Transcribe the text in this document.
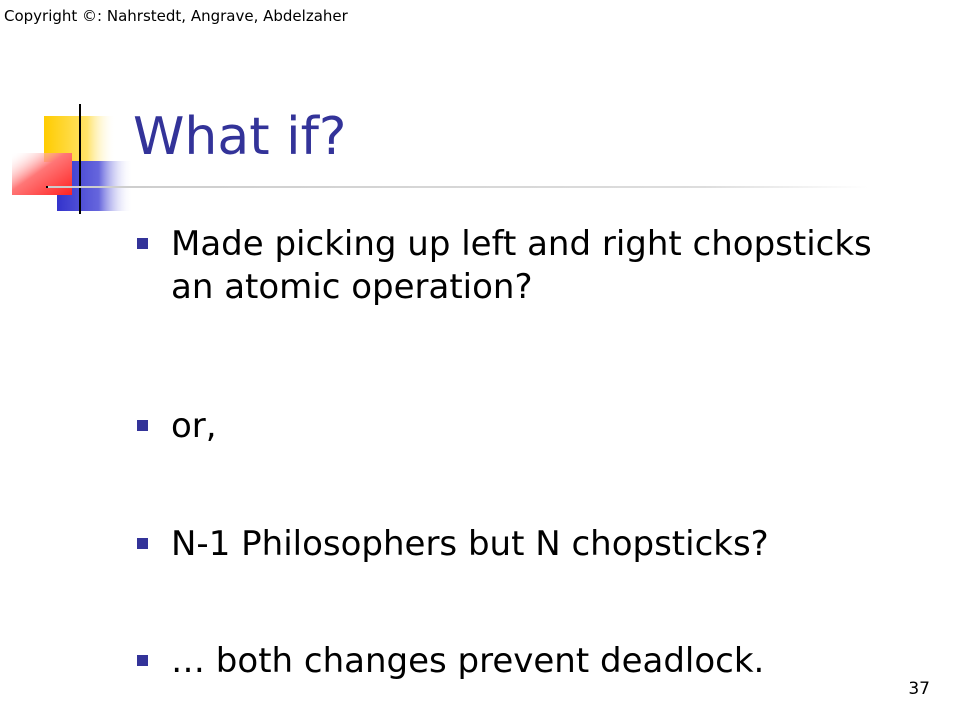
Copyright ©: Nahrstedt, Angrave, Abdelzaher
What if?
Made picking up left and right chopsticks an atomic operation?
or,
N-1 Philosophers but N chopsticks?
… both changes prevent deadlock.
37
